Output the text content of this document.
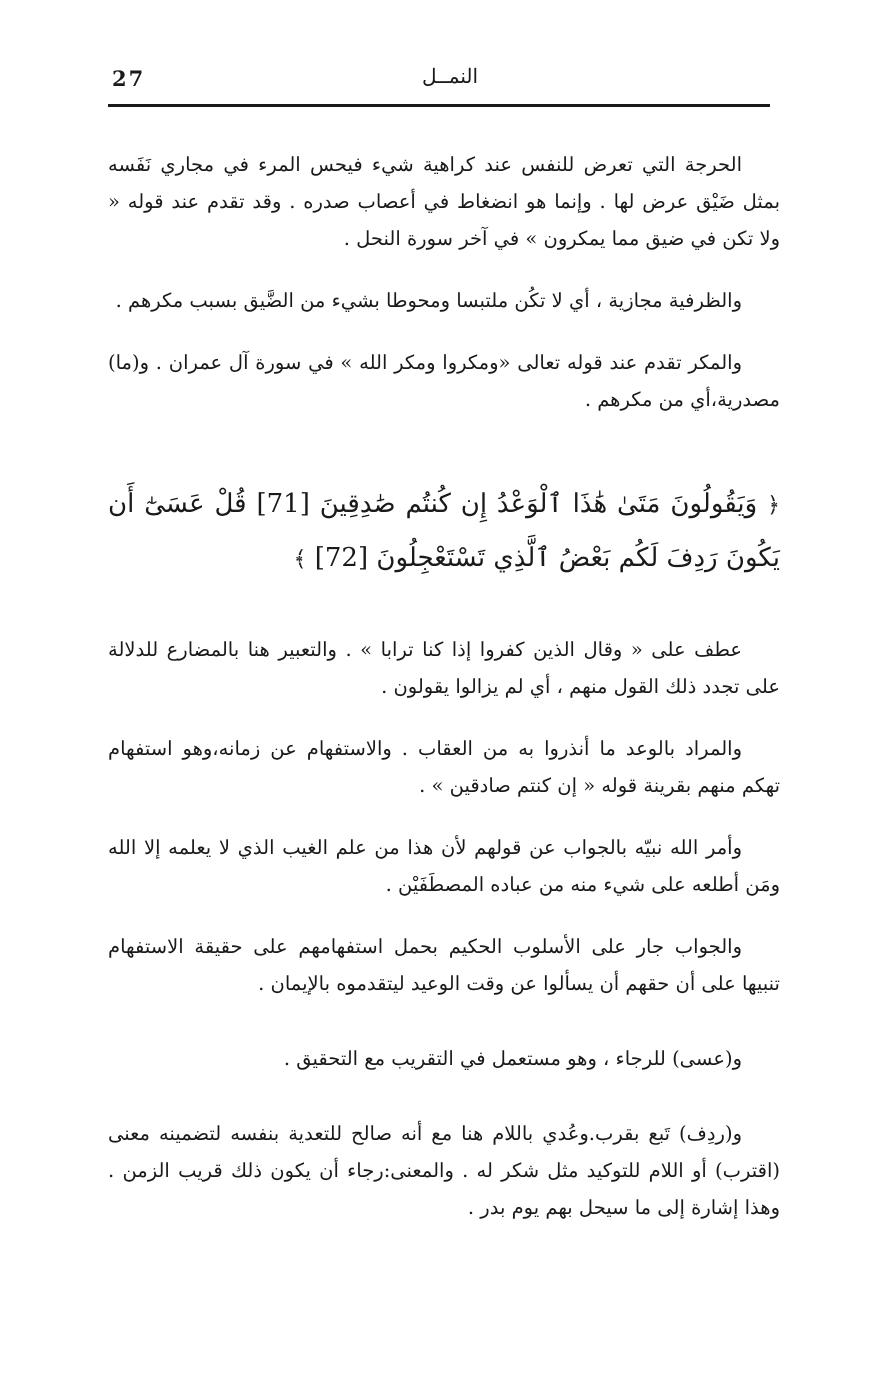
27	النمــل

الحرجة التي تعرض للنفس عند كراهية شيء فيحس المرء في مجاري نَفَسه بمثل ضَيْق عرض لها . وإنما هو انضغاط في أعصاب صدره . وقد تقدم عند قوله « ولا تكن في ضيق مما يمكرون » في آخر سورة النحل .

والظرفية مجازية ، أي لا تكُن ملتبسا ومحوطا بشيء من الضَّيق بسبب مكرهم .

والمكر تقدم عند قوله تعالى «ومكروا ومكر الله » في سورة آل عمران . و(ما) مصدرية،أي من مكرهم .

﴿ وَيَقُولُونَ مَتَىٰ هَٰذَا ٱلْوَعْدُ إِن كُنتُم صَٰدِقِينَ [71] قُلْ عَسَىٰٓ أَن يَكُونَ رَدِفَ لَكُم بَعْضُ ٱلَّذِي تَسْتَعْجِلُونَ [72] ﴾

عطف على « وقال الذين كفروا إذا كنا ترابا » . والتعبير هنا بالمضارع للدلالة على تجدد ذلك القول منهم ، أي لم يزالوا يقولون .

والمراد بالوعد ما أنذروا به من العقاب . والاستفهام عن زمانه،وهو استفهام تهكم منهم بقرينة قوله « إن كنتم صادقين » .

وأمر الله نبيّه بالجواب عن قولهم لأن هذا من علم الغيب الذي لا يعلمه إلا الله ومَن أطلعه على شيء منه من عباده المصطَفَيْن .

والجواب جار على الأسلوب الحكيم بحمل استفهامهم على حقيقة الاستفهام تنبيها على أن حقهم أن يسألوا عن وقت الوعيد ليتقدموه بالإيمان .

و(عسى) للرجاء ، وهو مستعمل في التقريب مع التحقيق .

و(ردِف) تَبع بقرب.وعُدي باللام هنا مع أنه صالح للتعدية بنفسه لتضمينه معنى (اقترب) أو اللام للتوكيد مثل شكر له . والمعنى:رجاء أن يكون ذلك قريب الزمن . وهذا إشارة إلى ما سيحل بهم يوم بدر .
